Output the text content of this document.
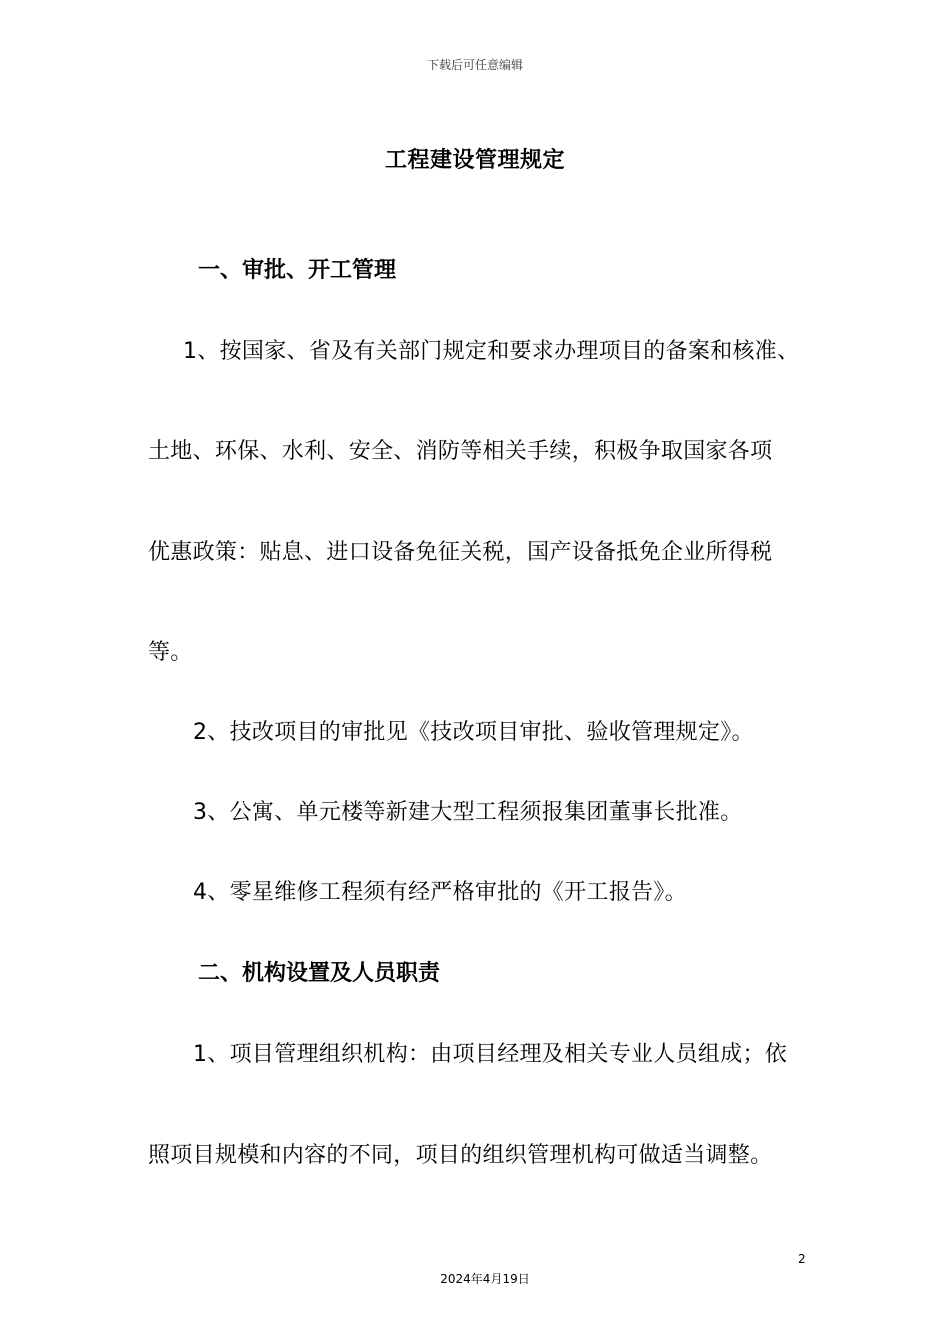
下载后可任意编辑
工程建设管理规定
一、审批、开工管理
1、按国家、省及有关部门规定和要求办理项目的备案和核准、
土地、环保、水利、安全、消防等相关手续，积极争取国家各项
优惠政策：贴息、进口设备免征关税，国产设备抵免企业所得税
等。
2、技改项目的审批见《技改项目审批、验收管理规定》。
3、公寓、单元楼等新建大型工程须报集团董事长批准。
4、零星维修工程须有经严格审批的《开工报告》。
二、机构设置及人员职责
1、项目管理组织机构：由项目经理及相关专业人员组成；依
照项目规模和内容的不同，项目的组织管理机构可做适当调整。
2
2024年4月19日
